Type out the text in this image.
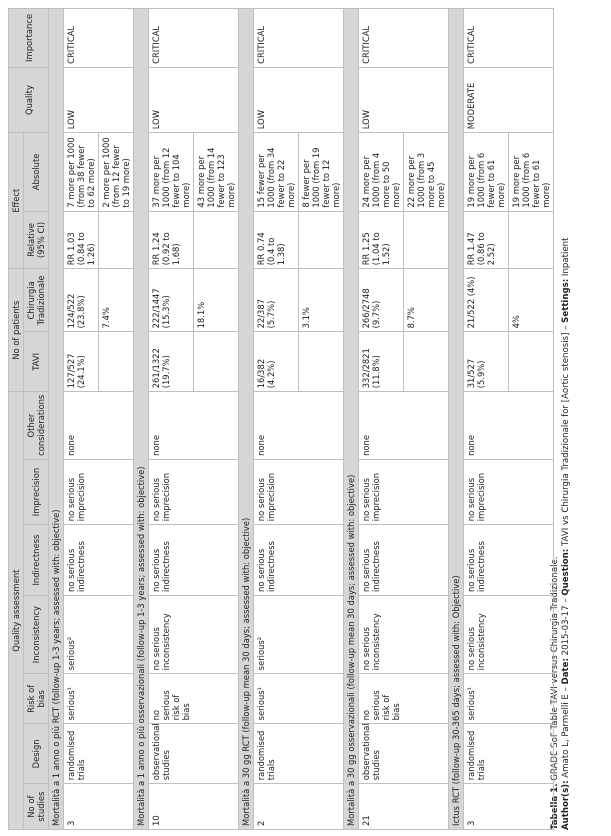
Tabella 1. GRADE SoF Table TAVI versus Chirurgia Tradizionale.
Author(s): Amato L, Parmelli E – Date: 2015-03-17 – Question: TAVI vs Chirurgia Tradizionale for [Aortic stenosis] – Settings: Inpatient
Quality assessment							No of patients		Effect		Quality	Importance
No of studies	Design	Risk of bias	Inconsistency	Indirectness	Imprecision	Other considerations	TAVI	Chirurgia Tradizionale	Relative (95% CI)	Absolute		
Mortalità a 1 anno o più RCT (follow-up 1-3 years; assessed with: objective)												
3	randomised trials	serious¹	serious²	no serious indirectness	no serious imprecision	none	127/527 (24.1%)	124/522 (23.8%)	RR 1.03 (0.84 to 1.26)	7 more per 1000 (from 38 fewer to 62 more)	LOW	CRITICAL
								7.4%		2 more per 1000 (from 12 fewer to 19 more)		
Mortalità a 1 anno o più osservazionali (follow-up 1-3 years; assessed with: objective)												
10	observational studies	no serious risk of bias	no serious inconsistency	no serious indirectness	no serious imprecision	none	261/1322 (19.7%)	222/1447 (15.3%)	RR 1.24 (0.92 to 1.68)	37 more per 1000 (from 12 fewer to 104 more)	LOW	CRITICAL
								18.1%		43 more per 1000 (from 14 fewer to 123 more)		
Mortalità a 30 gg RCT (follow-up mean 30 days; assessed with: objective)												
2	randomised trials	serious¹	serious²	no serious indirectness	no serious imprecision	none	16/382 (4.2%)	22/387 (5.7%)	RR 0.74 (0.4 to 1.38)	15 fewer per 1000 (from 34 fewer to 22 more)	LOW	CRITICAL
								3.1%		8 fewer per 1000 (from 19 fewer to 12 more)		
Mortalità a 30 gg osservazionali (follow-up mean 30 days; assessed with: objective)												
21	observational studies	no serious risk of bias	no serious inconsistency	no serious indirectness	no serious imprecision	none	332/2821 (11.8%)	266/2748 (9.7%)	RR 1.25 (1.04 to 1.52)	24 more per 1000 (from 4 more to 50 more)	LOW	CRITICAL
								8.7%		22 more per 1000 (from 3 more to 45 more)		
Ictus RCT (follow-up 30-365 days; assessed with: Objective)												
3	randomised trials	serious¹	no serious inconsistency	no serious indirectness	no serious imprecision	none	31/527 (5.9%)	21/522 (4%)	RR 1.47 (0.86 to 2.52)	19 more per 1000 (from 6 fewer to 61 more)	MODERATE	CRITICAL
								4%		19 more per 1000 (from 6 fewer to 61 more)		
